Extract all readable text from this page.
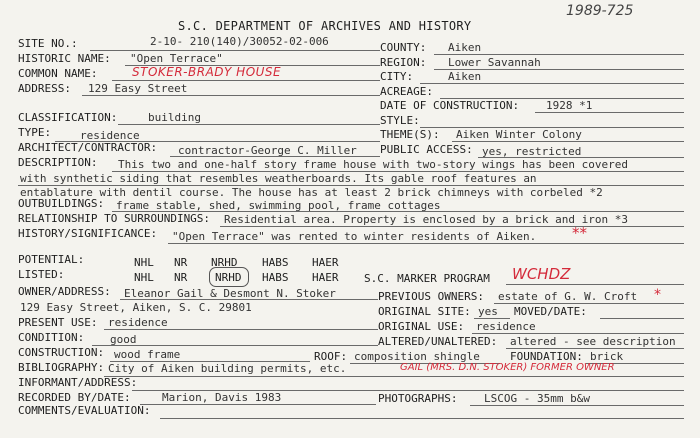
1989-725
S.C. DEPARTMENT OF ARCHIVES AND HISTORY
SITE NO.:	2-10- 210(140)/30052-02-006	COUNTY: Aiken
HISTORIC NAME: "Open Terrace"	REGION: Lower Savannah
COMMON NAME:	STOKER-BRADY HOUSE	CITY:	Aiken
ADDRESS: 129 Easy Street	ACREAGE:
DATE OF CONSTRUCTION: 1928 *1
CLASSIFICATION:	building	STYLE:
TYPE:	residence	THEME(S): Aiken Winter Colony
ARCHITECT/CONTRACTOR: contractor-George C. Miller PUBLIC ACCESS: yes, restricted
DESCRIPTION: This two and one-half story frame house with two-story wings has been covered
with synthetic siding that resembles weatherboards. Its gable roof features an
entablature with dentil course. The house has at least 2 brick chimneys with corbeled *2
OUTBUILDINGS: frame stable, shed, swimming pool, frame cottages
RELATIONSHIP TO SURROUNDINGS: Residential area. Property is enclosed by a brick and iron *3
HISTORY/SIGNIFICANCE: "Open Terrace" was rented to winter residents of Aiken. **
POTENTIAL:	NHL NR NRHD HABS HAER
LISTED:	NHL NR	NRHD HABS HAER S.C. MARKER PROGRAM WCHDZ
OWNER/ADDRESS: Eleanor Gail & Desmont N. Stoker	PREVIOUS OWNERS: estate of G. W. Croft *
129 Easy Street, Aiken, S. C. 29801	ORIGINAL SITE: yes MOVED/DATE:
PRESENT USE: residence	ORIGINAL USE: residence
CONDITION: good	ALTERED/UNALTERED: altered - see description
CONSTRUCTION: wood frame	ROOF: composition shingle	FOUNDATION: brick
BIBLIOGRAPHY: City of Aiken building permits, etc.	GAIL (MRS. D.N. STOKER) FORMER OWNER
INFORMANT/ADDRESS:
RECORDED BY/DATE:	Marion, Davis 1983	PHOTOGRAPHS: LSCOG - 35mm b&w
COMMENTS/EVALUATION:
